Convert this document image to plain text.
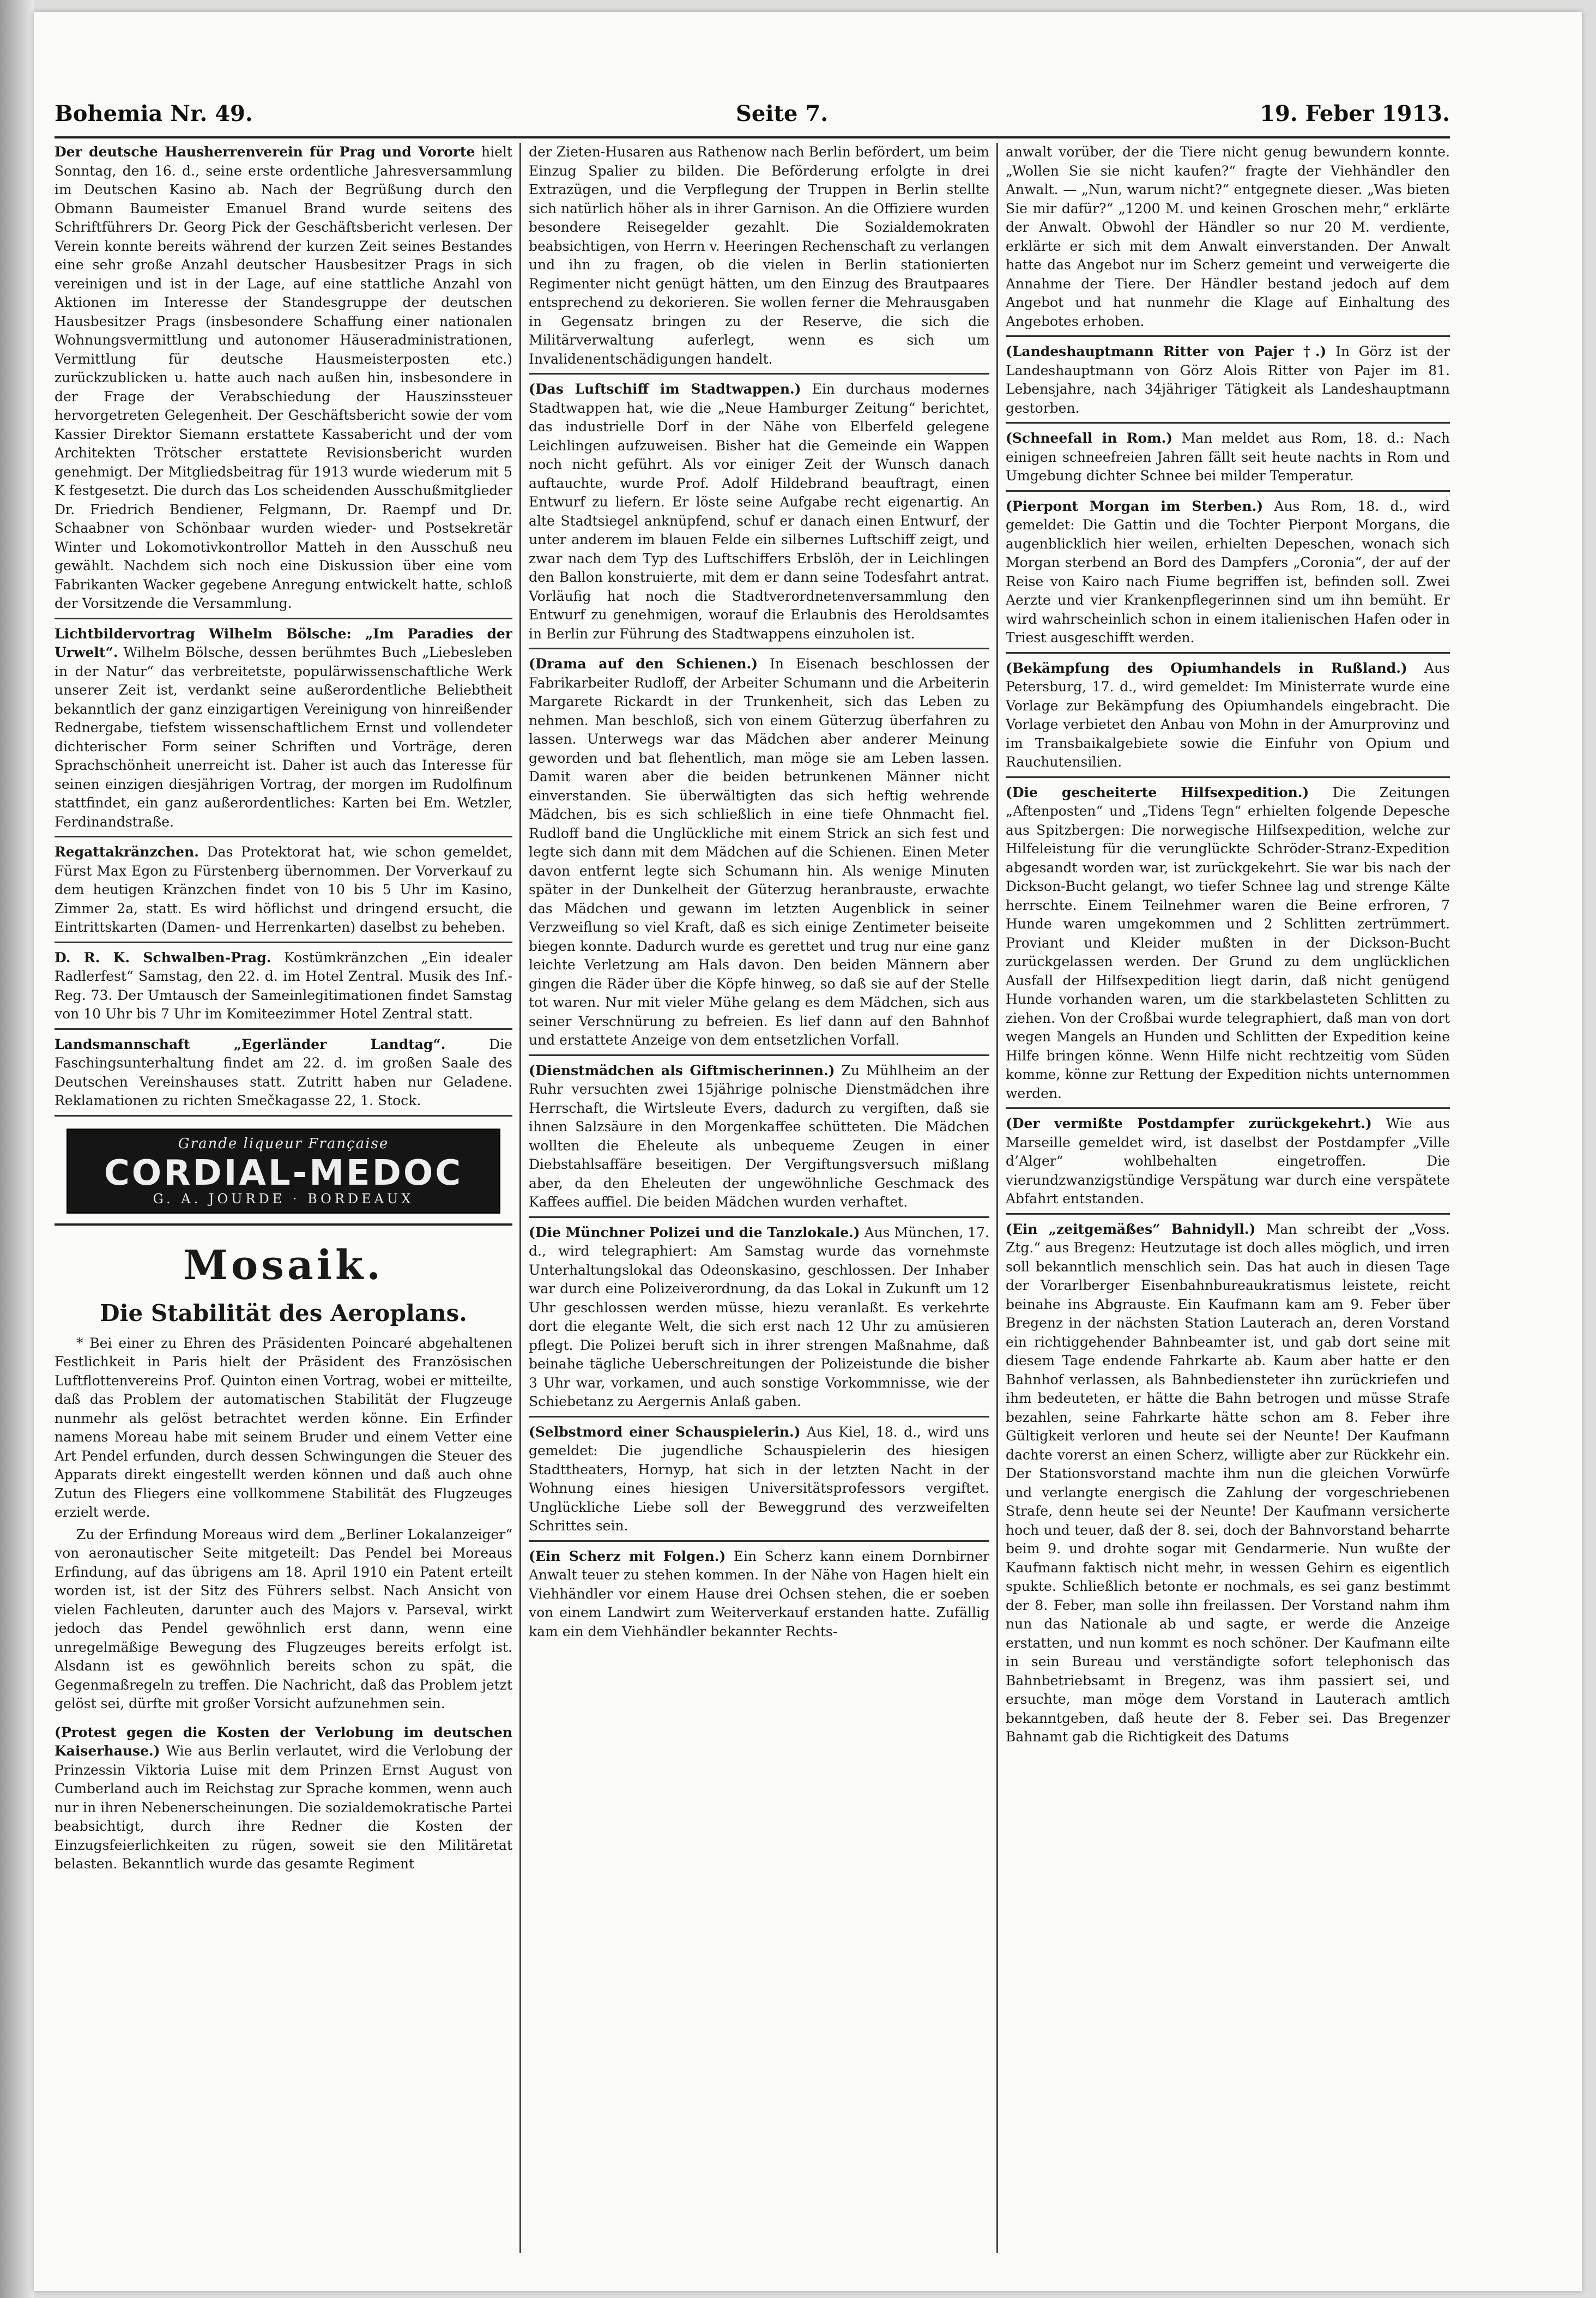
Bohemia Nr. 49.	Seite 7.	19. Feber 1913.

Der deutsche Hausherrenverein für Prag und Vororte hielt Sonntag, den 16. d., seine erste ordentliche Jahresversammlung im Deutschen Kasino ab. Nach der Begrüßung durch den Obmann Baumeister Emanuel Brand wurde seitens des Schriftführers Dr. Georg Pick der Geschäftsbericht verlesen. Der Verein konnte bereits während der kurzen Zeit seines Bestandes eine sehr große Anzahl deutscher Hausbesitzer Prags in sich vereinigen und ist in der Lage, auf eine stattliche Anzahl von Aktionen im Interesse der Standesgruppe der deutschen Hausbesitzer Prags (insbesondere Schaffung einer nationalen Wohnungsvermittlung und autonomer Häuseradministrationen, Vermittlung für deutsche Hausmeisterposten etc.) zurückzublicken u. hatte auch nach außen hin, insbesondere in der Frage der Verabschiedung der Hauszinssteuer hervorgetreten Gelegenheit. Der Geschäftsbericht sowie der vom Kassier Direktor Siemann erstattete Kassabericht und der vom Architekten Trötscher erstattete Revisionsbericht wurden genehmigt. Der Mitgliedsbeitrag für 1913 wurde wiederum mit 5 K festgesetzt. Die durch das Los scheidenden Ausschußmitglieder Dr. Friedrich Bendiener, Felgmann, Dr. Raempf und Dr. Schaabner von Schönbaar wurden wieder- und Postsekretär Winter und Lokomotivkontrollor Matteh in den Ausschuß neu gewählt. Nachdem sich noch eine Diskussion über eine vom Fabrikanten Wacker gegebene Anregung entwickelt hatte, schloß der Vorsitzende die Versammlung.

Lichtbildervortrag Wilhelm Bölsche: „Im Paradies der Urwelt“. Wilhelm Bölsche, dessen berühmtes Buch „Liebesleben in der Natur“ das verbreitetste, populärwissenschaftliche Werk unserer Zeit ist, verdankt seine außerordentliche Beliebtheit bekanntlich der ganz einzigartigen Vereinigung von hinreißender Rednergabe, tiefstem wissenschaftlichem Ernst und vollendeter dichterischer Form seiner Schriften und Vorträge, deren Sprachschönheit unerreicht ist. Daher ist auch das Interesse für seinen einzigen diesjährigen Vortrag, der morgen im Rudolfinum stattfindet, ein ganz außerordentliches: Karten bei Em. Wetzler, Ferdinandstraße.

Regattakränzchen. Das Protektorat hat, wie schon gemeldet, Fürst Max Egon zu Fürstenberg übernommen. Der Vorverkauf zu dem heutigen Kränzchen findet von 10 bis 5 Uhr im Kasino, Zimmer 2a, statt. Es wird höflichst und dringend ersucht, die Eintrittskarten (Damen- und Herrenkarten) daselbst zu beheben.

D. R. K. Schwalben-Prag. Kostümkränzchen „Ein idealer Radlerfest“ Samstag, den 22. d. im Hotel Zentral. Musik des Inf.-Reg. 73. Der Umtausch der Sameinlegitimationen findet Samstag von 10 Uhr bis 7 Uhr im Komiteezimmer Hotel Zentral statt.

Landsmannschaft „Egerländer Landtag“.	Die Faschingsunterhaltung findet am 22. d. im großen Saale des Deutschen Vereinshauses statt. Zutritt haben nur Geladene. Reklamationen zu richten Smečkagasse 22, 1. Stock.

Grande liqueur Française
CORDIAL-MEDOC
G. A. JOURDE · BORDEAUX
Mosaik.
Die Stabilität des Aeroplans.

* Bei einer zu Ehren des Präsidenten Poincaré abgehaltenen Festlichkeit in Paris hielt der Präsident des Französischen Luftflottenvereins Prof. Quinton einen Vortrag, wobei er mitteilte, daß das Problem der automatischen Stabilität der Flugzeuge nunmehr als gelöst betrachtet werden könne. Ein Erfinder namens Moreau habe mit seinem Bruder und einem Vetter eine Art Pendel erfunden, durch dessen Schwingungen die Steuer des Apparats direkt eingestellt werden können und daß auch ohne Zutun des Fliegers eine vollkommene Stabilität des Flugzeuges erzielt werde.

Zu der Erfindung Moreaus wird dem „Berliner Lokalanzeiger“ von aeronautischer Seite mitgeteilt: Das Pendel bei Moreaus Erfindung, auf das übrigens am 18. April 1910 ein Patent erteilt worden ist, ist der Sitz des Führers selbst. Nach Ansicht von vielen Fachleuten, darunter auch des Majors v. Parseval, wirkt jedoch das Pendel gewöhnlich erst dann, wenn eine unregelmäßige Bewegung des Flugzeuges bereits erfolgt ist. Alsdann ist es gewöhnlich bereits schon zu spät, die Gegenmaßregeln zu treffen. Die Nachricht, daß das Problem jetzt gelöst sei, dürfte mit großer Vorsicht aufzunehmen sein.

(Protest gegen die Kosten der Verlobung im deutschen Kaiserhause.) Wie aus Berlin verlautet, wird die Verlobung der Prinzessin Viktoria Luise mit dem Prinzen Ernst August von Cumberland auch im Reichstag zur Sprache kommen, wenn auch nur in ihren Nebenerscheinungen. Die sozialdemokratische Partei beabsichtigt, durch ihre Redner die Kosten der Einzugsfeierlichkeiten zu rügen, soweit sie den Militäretat belasten. Bekanntlich wurde das gesamte Regiment

der Zieten-Husaren aus Rathenow nach Berlin befördert, um beim Einzug Spalier zu bilden. Die Beförderung erfolgte in drei Extrazügen, und die Verpflegung der Truppen in Berlin stellte sich natürlich höher als in ihrer Garnison. An die Offiziere wurden besondere Reisegelder gezahlt. Die Sozialdemokraten beabsichtigen, von Herrn v. Heeringen Rechenschaft zu verlangen und ihn zu fragen, ob die vielen in Berlin stationierten Regimenter nicht genügt hätten, um den Einzug des Brautpaares entsprechend zu dekorieren. Sie wollen ferner die Mehrausgaben in Gegensatz bringen zu der Reserve, die sich die Militärverwaltung auferlegt, wenn es sich um Invalidenentschädigungen handelt.

(Das Luftschiff im Stadtwappen.) Ein durchaus modernes Stadtwappen hat, wie die „Neue Hamburger Zeitung“ berichtet, das industrielle Dorf in der Nähe von Elberfeld gelegene Leichlingen aufzuweisen. Bisher hat die Gemeinde ein Wappen noch nicht geführt. Als vor einiger Zeit der Wunsch danach auftauchte, wurde Prof. Adolf Hildebrand beauftragt, einen Entwurf zu liefern. Er löste seine Aufgabe recht eigenartig. An alte Stadtsiegel anknüpfend, schuf er danach einen Entwurf, der unter anderem im blauen Felde ein silbernes Luftschiff zeigt, und zwar nach dem Typ des Luftschiffers Erbslöh, der in Leichlingen den Ballon konstruierte, mit dem er dann seine Todesfahrt antrat. Vorläufig hat noch die Stadtverordnetenversammlung den Entwurf zu genehmigen, worauf die Erlaubnis des Heroldsamtes in Berlin zur Führung des Stadtwappens einzuholen ist.

(Drama auf den Schienen.) In Eisenach beschlossen der Fabrikarbeiter Rudloff, der Arbeiter Schumann und die Arbeiterin Margarete Rickardt in der Trunkenheit, sich das Leben zu nehmen. Man beschloß, sich von einem Güterzug überfahren zu lassen. Unterwegs war das Mädchen aber anderer Meinung geworden und bat flehentlich, man möge sie am Leben lassen. Damit waren aber die beiden betrunkenen Männer nicht einverstanden. Sie überwältigten das sich heftig wehrende Mädchen, bis es sich schließlich in eine tiefe Ohnmacht fiel. Rudloff band die Unglückliche mit einem Strick an sich fest und legte sich dann mit dem Mädchen auf die Schienen. Einen Meter davon entfernt legte sich Schumann hin. Als wenige Minuten später in der Dunkelheit der Güterzug heranbrauste, erwachte das Mädchen und gewann im letzten Augenblick in seiner Verzweiflung so viel Kraft, daß es sich einige Zentimeter beiseite biegen konnte. Dadurch wurde es gerettet und trug nur eine ganz leichte Verletzung am Hals davon. Den beiden Männern aber gingen die Räder über die Köpfe hinweg, so daß sie auf der Stelle tot waren. Nur mit vieler Mühe gelang es dem Mädchen, sich aus seiner Verschnürung zu befreien. Es lief dann auf den Bahnhof und erstattete Anzeige von dem entsetzlichen Vorfall.

(Dienstmädchen als Giftmischerinnen.) Zu Mühlheim an der Ruhr versuchten zwei 15jährige polnische Dienstmädchen ihre Herrschaft, die Wirtsleute Evers, dadurch zu vergiften, daß sie ihnen Salzsäure in den Morgenkaffee schütteten. Die Mädchen wollten die Eheleute als unbequeme Zeugen in einer Diebstahlsaffäre beseitigen. Der Vergiftungsversuch mißlang aber, da den Eheleuten der ungewöhnliche Geschmack des Kaffees auffiel. Die beiden Mädchen wurden verhaftet.

(Die Münchner Polizei und die Tanzlokale.) Aus München, 17. d., wird telegraphiert: Am Samstag wurde das vornehmste Unterhaltungslokal das Odeonskasino, geschlossen. Der Inhaber war durch eine Polizeiverordnung, da das Lokal in Zukunft um 12 Uhr geschlossen werden müsse, hiezu veranlaßt. Es verkehrte dort die elegante Welt, die sich erst nach 12 Uhr zu amüsieren pflegt. Die Polizei beruft sich in ihrer strengen Maßnahme, daß beinahe tägliche Ueberschreitungen der Polizeistunde die bisher 3 Uhr war, vorkamen, und auch sonstige Vorkommnisse, wie der Schiebetanz zu Aergernis Anlaß gaben.

(Selbstmord einer Schauspielerin.) Aus Kiel, 18. d., wird uns gemeldet: Die jugendliche Schauspielerin des hiesigen Stadttheaters, Hornyp, hat sich in der letzten Nacht in der Wohnung eines hiesigen Universitätsprofessors vergiftet. Unglückliche Liebe soll der Beweggrund des verzweifelten Schrittes sein.

(Ein Scherz mit Folgen.) Ein Scherz kann einem Dornbirner Anwalt teuer zu stehen kommen. In der Nähe von Hagen hielt ein Viehhändler vor einem Hause drei Ochsen stehen, die er soeben von einem Landwirt zum Weiterverkauf erstanden hatte. Zufällig kam ein dem Viehhändler bekannter Rechts-

anwalt vorüber, der die Tiere nicht genug bewundern konnte. „Wollen Sie sie nicht kaufen?“ fragte der Viehhändler den Anwalt. — „Nun, warum nicht?“ entgegnete dieser. „Was bieten Sie mir dafür?“ „1200 M. und keinen Groschen mehr,“ erklärte der Anwalt. Obwohl der Händler so nur 20 M. verdiente, erklärte er sich mit dem Anwalt einverstanden. Der Anwalt hatte das Angebot nur im Scherz gemeint und verweigerte die Annahme der Tiere. Der Händler bestand jedoch auf dem Angebot und hat nunmehr die Klage auf Einhaltung des Angebotes erhoben.

(Landeshauptmann Ritter von Pajer †.) In Görz ist der Landeshauptmann von Görz Alois Ritter von Pajer im 81. Lebensjahre, nach 34jähriger Tätigkeit als Landeshauptmann gestorben.

(Schneefall in Rom.) Man meldet aus Rom, 18. d.: Nach einigen schneefreien Jahren fällt seit heute nachts in Rom und Umgebung dichter Schnee bei milder Temperatur.

(Pierpont Morgan im Sterben.) Aus Rom, 18. d., wird gemeldet: Die Gattin und die Tochter Pierpont Morgans, die augenblicklich hier weilen, erhielten Depeschen, wonach sich Morgan sterbend an Bord des Dampfers „Coronia“, der auf der Reise von Kairo nach Fiume begriffen ist, befinden soll. Zwei Aerzte und vier Krankenpflegerinnen sind um ihn bemüht. Er wird wahrscheinlich schon in einem italienischen Hafen oder in Triest ausgeschifft werden.

(Bekämpfung des Opiumhandels in Rußland.) Aus Petersburg, 17. d., wird gemeldet: Im Ministerrate wurde eine Vorlage zur Bekämpfung des Opiumhandels eingebracht. Die Vorlage verbietet den Anbau von Mohn in der Amurprovinz und im Transbaikalgebiete sowie die Einfuhr von Opium und Rauchutensilien.

(Die gescheiterte Hilfsexpedition.) Die Zeitungen „Aftenposten“ und „Tidens Tegn“ erhielten folgende Depesche aus Spitzbergen: Die norwegische Hilfsexpedition, welche zur Hilfeleistung für die verunglückte Schröder-Stranz-Expedition abgesandt worden war, ist zurückgekehrt. Sie war bis nach der Dickson-Bucht gelangt, wo tiefer Schnee lag und strenge Kälte herrschte. Einem Teilnehmer waren die Beine erfroren, 7 Hunde waren umgekommen und 2 Schlitten zertrümmert. Proviant und Kleider mußten in der Dickson-Bucht zurückgelassen werden. Der Grund zu dem unglücklichen Ausfall der Hilfsexpedition liegt darin, daß nicht genügend Hunde vorhanden waren, um die starkbelasteten Schlitten zu ziehen. Von der Croßbai wurde telegraphiert, daß man von dort wegen Mangels an Hunden und Schlitten der Expedition keine Hilfe bringen könne. Wenn Hilfe nicht rechtzeitig vom Süden komme, könne zur Rettung der Expedition nichts unternommen werden.

(Der vermißte Postdampfer zurückgekehrt.) Wie aus Marseille gemeldet wird, ist daselbst der Postdampfer „Ville d’Alger“ wohlbehalten eingetroffen. Die vierundzwanzigstündige Verspätung war durch eine verspätete Abfahrt entstanden.

(Ein „zeitgemäßes“ Bahnidyll.) Man schreibt der „Voss. Ztg.“ aus Bregenz: Heutzutage ist doch alles möglich, und irren soll bekanntlich menschlich sein. Das hat auch in diesen Tage der Vorarlberger Eisenbahnbureaukratismus leistete, reicht beinahe ins Abgrauste. Ein Kaufmann kam am 9. Feber über Bregenz in der nächsten Station Lauterach an, deren Vorstand ein richtiggehender Bahnbeamter ist, und gab dort seine mit diesem Tage endende Fahrkarte ab. Kaum aber hatte er den Bahnhof verlassen, als Bahnbediensteter ihn zurückriefen und ihm bedeuteten, er hätte die Bahn betrogen und müsse Strafe bezahlen, seine Fahrkarte hätte schon am 8. Feber ihre Gültigkeit verloren und heute sei der Neunte! Der Kaufmann dachte vorerst an einen Scherz, willigte aber zur Rückkehr ein. Der Stationsvorstand machte ihm nun die gleichen Vorwürfe und verlangte energisch die Zahlung der vorgeschriebenen Strafe, denn heute sei der Neunte! Der Kaufmann versicherte hoch und teuer, daß der 8. sei, doch der Bahnvorstand beharrte beim 9. und drohte sogar mit Gendarmerie. Nun wußte der Kaufmann faktisch nicht mehr, in wessen Gehirn es eigentlich spukte. Schließlich betonte er nochmals, es sei ganz bestimmt der 8. Feber, man solle ihn freilassen. Der Vorstand nahm ihm nun das Nationale ab und sagte, er werde die Anzeige erstatten, und nun kommt es noch schöner. Der Kaufmann eilte in sein Bureau und verständigte sofort telephonisch das Bahnbetriebsamt in Bregenz, was ihm passiert sei, und ersuchte, man möge dem Vorstand in Lauterach amtlich bekanntgeben, daß heute der 8. Feber sei. Das Bregenzer Bahnamt gab die Richtigkeit des Datums
